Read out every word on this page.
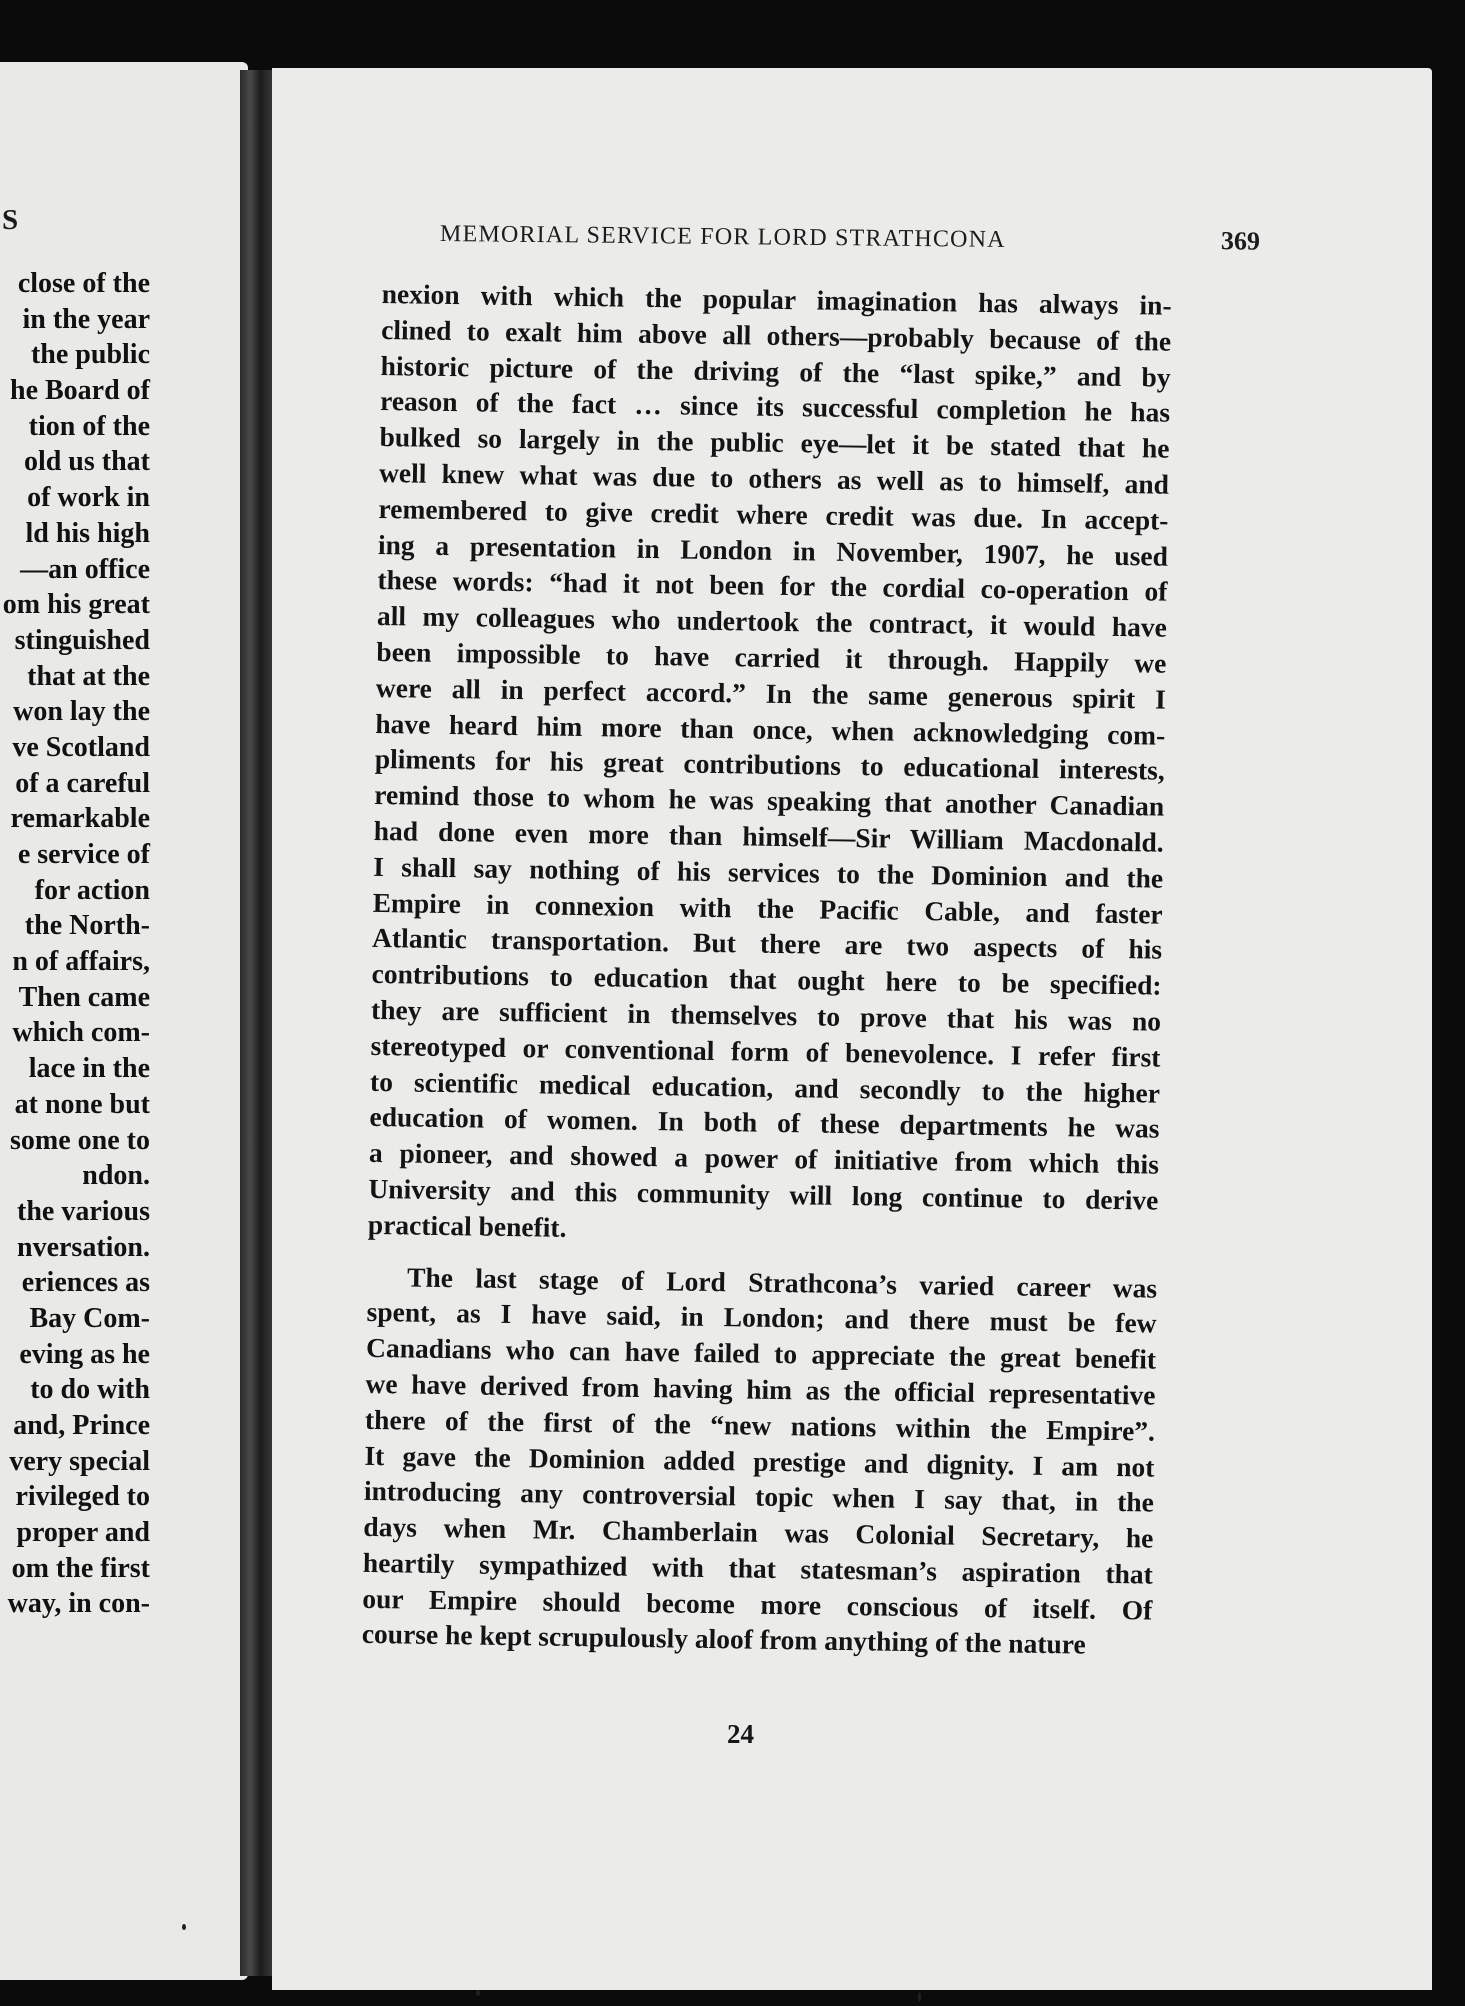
S
close of the
in the year
the public
he Board of
tion of the
old us that
of work in
ld his high
—an office
om his great
stinguished
that at the
won lay the
ve Scotland
of a careful
remarkable
e service of
for action
the North-
n of affairs,
Then came
which com-
lace in the
at none but
some one to
ndon.
the various
nversation.
eriences as
Bay Com-
eving as he
to do with
and, Prince
very special
rivileged to
proper and
om the first
way, in con-
MEMORIAL SERVICE FOR LORD STRATHCONA	369
nexion with which the popular imagination has always in-
clined to exalt him above all others—probably because of the
historic picture of the driving of the “last spike,” and by
reason of the fact … since its successful completion he has
bulked so largely in the public eye—let it be stated that he
well knew what was due to others as well as to himself, and
remembered to give credit where credit was due. In accept-
ing a presentation in London in November, 1907, he used
these words: “had it not been for the cordial co-operation of
all my colleagues who undertook the contract, it would have
been impossible to have carried it through. Happily we
were all in perfect accord.” In the same generous spirit I
have heard him more than once, when acknowledging com-
pliments for his great contributions to educational interests,
remind those to whom he was speaking that another Canadian
had done even more than himself—Sir William Macdonald.
I shall say nothing of his services to the Dominion and the
Empire in connexion with the Pacific Cable, and faster
Atlantic transportation. But there are two aspects of his
contributions to education that ought here to be specified:
they are sufficient in themselves to prove that his was no
stereotyped or conventional form of benevolence. I refer first
to scientific medical education, and secondly to the higher
education of women. In both of these departments he was
a pioneer, and showed a power of initiative from which this
University and this community will long continue to derive
practical benefit.
The last stage of Lord Strathcona’s varied career was
spent, as I have said, in London; and there must be few
Canadians who can have failed to appreciate the great benefit
we have derived from having him as the official representative
there of the first of the “new nations within the Empire”.
It gave the Dominion added prestige and dignity. I am not
introducing any controversial topic when I say that, in the
days when Mr. Chamberlain was Colonial Secretary, he
heartily sympathized with that statesman’s aspiration that
our Empire should become more conscious of itself. Of
course he kept scrupulously aloof from anything of the nature
24
